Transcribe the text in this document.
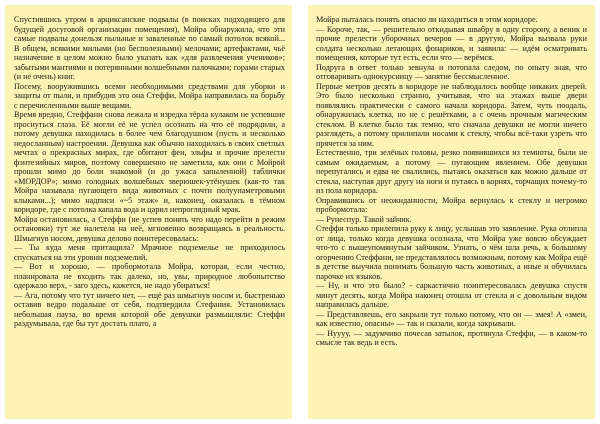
Спустившись утром в арциксанские подвалы (в поисках подходящего для будущей досуговой организации помещения), Мойра обнаружила, что эти самые подвалы донельзя пыльные и заваленные по самый потолок всякой... В общем, всякими милыми (но бесполезными) мелочами; артефактами, чьё назначение в целом можно было указать как «для развлечения учеников»; забытыми мантиями и потерянными волшебными палочками; горами старых (и не очень) книг.

Посему, вооружившись всеми необходимыми средствами для уборки и защиты от пыли, и прибудив это она Стеффи, Мойра направилась на борьбу с перечисленными выше вещами.

Время вредно, Стеффани снова лежала и изредка тёрла кулаком не успевшие проснуться глаза. Её могли её не успел осознать на что её подрядили, а потому девушка находилась в более чем благодушном (пусть и несколько недосланным) настроении. Девушка как обычно находилась в своих светлых мечтах о прекрасных мирах, где обитают феи, эльфы и прочие прелести фэнтезийных миров, поэтому совершенно не заметила, как они с Мойрой прошли мимо до боли знакомой (и до ужаса запыленной) таблички «МОРДОР»; мимо голодных волшебных зверюшек-утёнушек (как-то так Мойра называла пугающего вида животных с почти полуупаметровыми клыками...); мимо надписи «~5 этаж» и, наконец, оказалась в тёмном коридоре, где с потолка капала вода и царил непроглядный мрак.

Мойра остановилась, а Стеффи (не успев понять что надо перейти в режим остановки) тут же налетела на неё, мгновенно возвращаясь в реальность. Шмыгнув носом, девушка делово поинтересовалась:

— Ты куда меня притащила? Мрачное подземелье не приходилось спускаться на эти уровни подземелий.

— Вот и хорошо, — пробормотала Мойра, которая, если честно, планировала не входить так далеко, но, увы, природное любопытство одержало верх, - заго здесь, кажется, не надо убираться!

— Ага, потому что тут ничего нет, — ещё раз шмыгнув носом и, быстренько оставив ведро подальше от себя, подтвердила Стефания. Установилась небольшая пауза, во время которой обе девушки размышляли: Стеффи раздумывала, где бы тут достать плато, а

Мойра пыталась понять опасно ли находиться в этом коридоре.

— Короче, так, — решительно откидывая швабру в одну сторону, а веник и прочие прелести уборочных вечеров — в другую, Мойра вызвала руки солдата несколько летающих фонариков, и заявила: — идём осматривать помещения, которые тут есть, если что — верёмся.

Подруга в ответ только зевнула и потопала следом, по опыту зная, что отговаривать однокурсницу — занятие бессмысленное.

Первые метров десять в коридоре не наблюдалось вообще никаких дверей. Это было несколько странно, учитывая, что на этажах выше двери появлялись практически с самого начала коридора. Затем, чуть поодаль, обнаружилась клетка, но не с решётками, а с очень прочным магическим стеклом. В клетке было так темно, что сначала девушки не могли ничего разглядеть, а потому прилипали носами к стеклу, чтобы всё-таки узреть что прячется за ним.

Естественно, три зелёных головы, резко появившихся из темноты, были не самым ожидаемым, а потому — пугающим явлением. Обе девушки перепугались и едва не свалились, пытаясь оказаться как можно дальше от стекла, наступая друг другу на ноги и путаясь в корнях, торчащих почему-то из пола коридора.

Оправившись от неожиданности, Мойра вернулась к стеклу и негромко пробормотала:

— Рунеспур. Такой зайчик.

Стеффи только прилепила руку к лицу, услышав это заявление. Рука отлипла от лица, только когда девушка осознала, что Мойра уже вовсю обсуждает что-то с вышеупомянутым зайчиком. Узнать, о чём шла речь, к большому огорчению Стеффани, не представлялось возможным, потому как Мойра ещё в детстве выучила понимать большую часть животных, а иные и обучилась парочке их языков.

— Ну, и что это было? - саркастично поинтересовалась девушка спустя минут десять, когда Мойра наконец отошла от стекла и с довольным видом направилась дальше.

— Представляешь, его закрыли тут только потому, что он — змея! А «змеи, как известно, опасны» — так и сказали, когда закрывали.

— Нуууу, — задумчиво почесав затылок, протянула Стеффи, — в каком-то смысле так ведь и есть.
